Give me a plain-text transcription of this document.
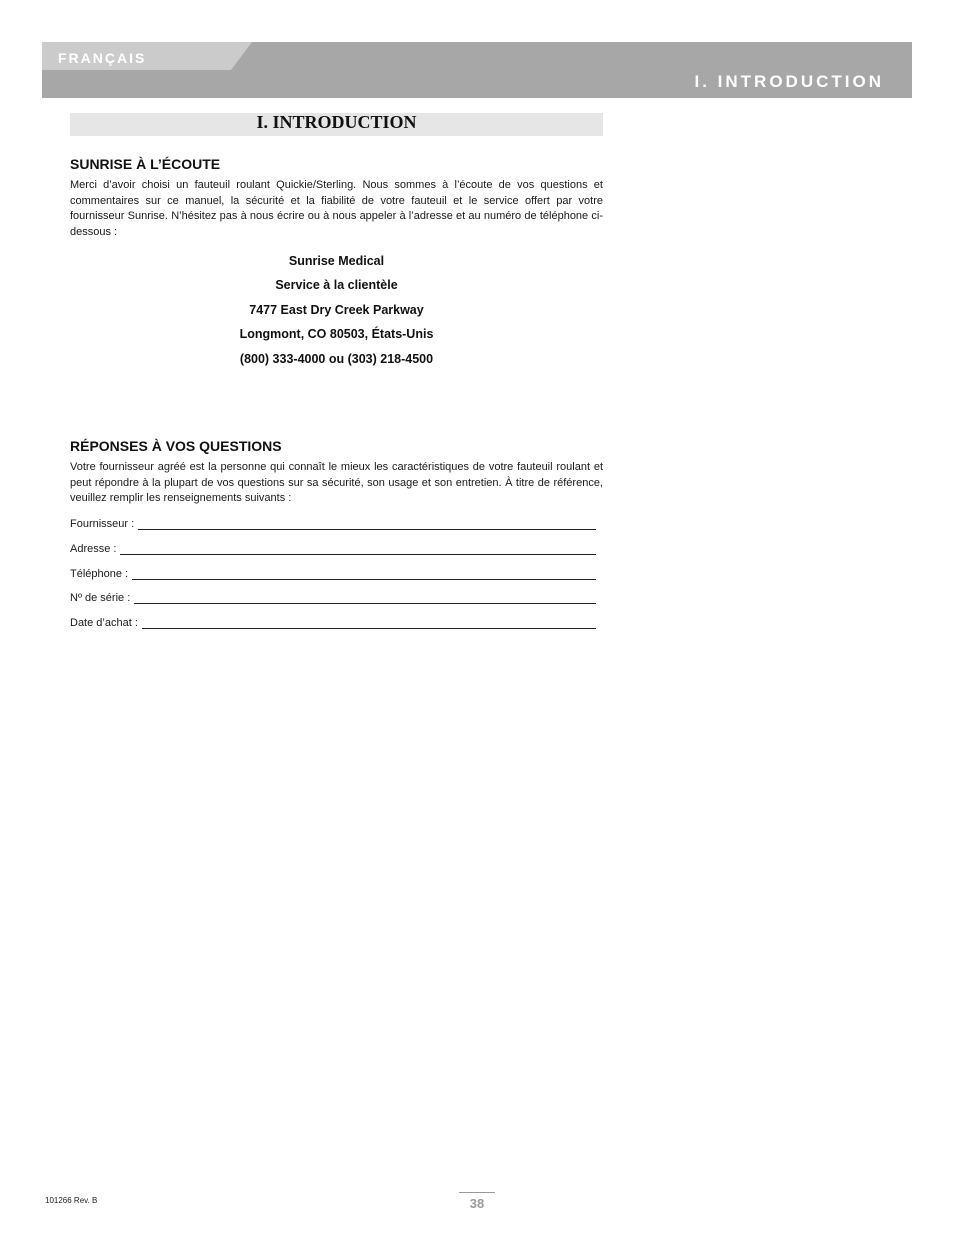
FRANÇAIS
I. INTRODUCTION
I. INTRODUCTION
SUNRISE À L’ÉCOUTE

Merci d’avoir choisi un fauteuil roulant Quickie/Sterling. Nous sommes à l’écoute de vos questions et commentaires sur ce manuel, la sécurité et la fiabilité de votre fauteuil et le service offert par votre fournisseur Sunrise. N’hésitez pas à nous écrire ou à nous appeler à l’adresse et au numéro de téléphone ci-dessous :

Sunrise Medical
Service à la clientèle
7477 East Dry Creek Parkway
Longmont, CO 80503, États-Unis
(800) 333-4000 ou (303) 218-4500
RÉPONSES À VOS QUESTIONS

Votre fournisseur agréé est la personne qui connaît le mieux les caractéristiques de votre fauteuil roulant et peut répondre à la plupart de vos questions sur sa sécurité, son usage et son entretien. À titre de référence, veuillez remplir les renseignements suivants :

Fournisseur :
Adresse :
Téléphone :
Nº de série :
Date d’achat :
101266 Rev. B	38
